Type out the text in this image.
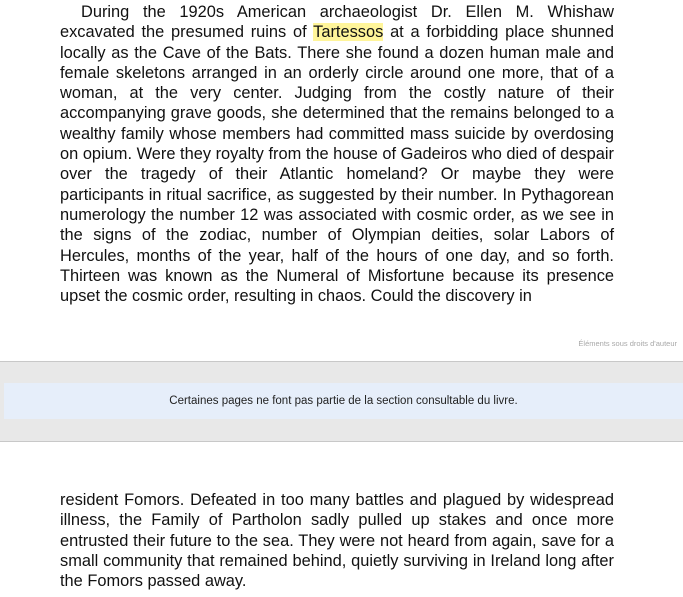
During the 1920s American archaeologist Dr. Ellen M. Whishaw excavated the presumed ruins of Tartessos at a forbidding place shunned locally as the Cave of the Bats. There she found a dozen human male and female skeletons arranged in an orderly circle around one more, that of a woman, at the very center. Judging from the costly nature of their accompanying grave goods, she determined that the remains belonged to a wealthy family whose members had committed mass suicide by overdosing on opium. Were they royalty from the house of Gadeiros who died of despair over the tragedy of their Atlantic homeland? Or maybe they were participants in ritual sacrifice, as suggested by their number. In Pythagorean numerology the number 12 was associated with cosmic order, as we see in the signs of the zodiac, number of Olympian deities, solar Labors of Hercules, months of the year, half of the hours of one day, and so forth. Thirteen was known as the Numeral of Misfortune because its presence upset the cosmic order, resulting in chaos. Could the discovery in

Éléments sous droits d'auteur
Certaines pages ne font pas partie de la section consultable du livre.

resident Fomors. Defeated in too many battles and plagued by widespread illness, the Family of Partholon sadly pulled up stakes and once more entrusted their future to the sea. They were not heard from again, save for a small community that remained behind, quietly surviving in Ireland long after the Fomors passed away.
